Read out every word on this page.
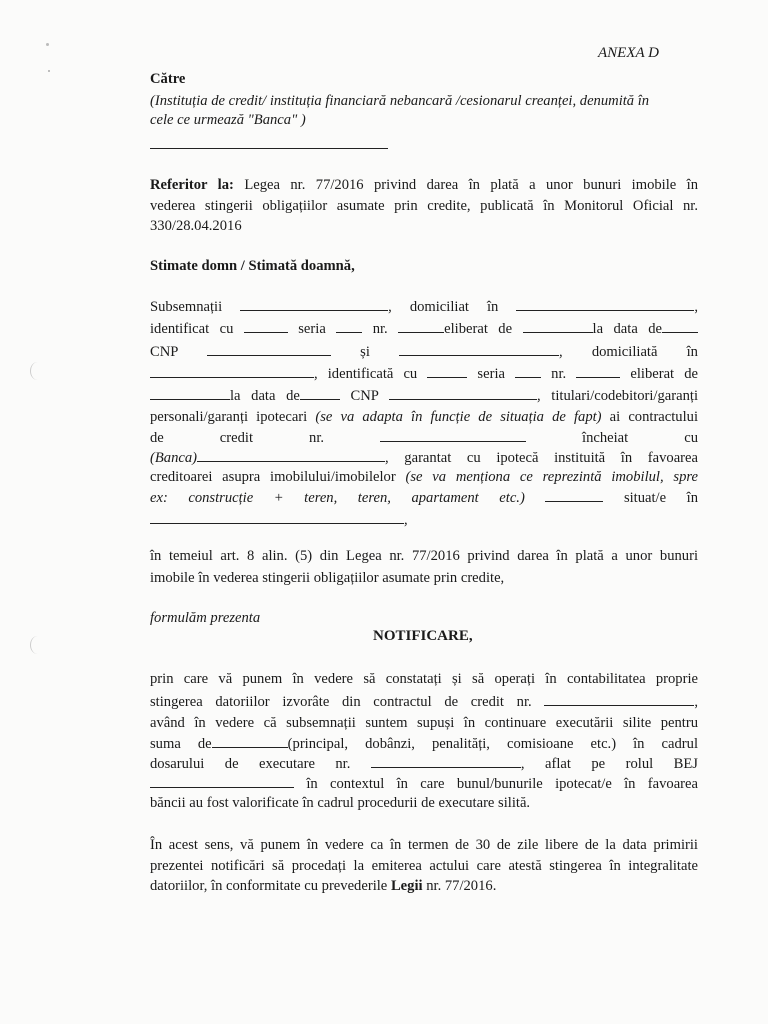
ANEXA D
Către
(Instituția de credit/ instituția financiară nebancară /cesionarul creanței, denumită în
cele ce urmează "Banca" )
Referitor la: Legea nr. 77/2016 privind darea în plată a unor bunuri imobile în
vederea stingerii obligațiilor asumate prin credite, publicată în Monitorul Oficial nr.
330/28.04.2016
Stimate domn / Stimată doamnă,
Subsemnații	, domiciliat în	,
identificat cu	seria	nr.	eliberat de	la data de
CNP	și	, domiciliată în
, identificată cu	seria	nr.	eliberat de
la data de	CNP	, titulari/codebitori/garanți
personali/garanți ipotecari (se va adapta în funcție de situația de fapt) ai contractului
de	credit	nr.	încheiat	cu
(Banca)	, garantat cu ipotecă instituită în favoarea
creditoarei asupra imobilului/imobilelor (se va menționa ce reprezintă imobilul, spre
ex: construcție + teren, teren, apartament etc.)	situat/e în
,
în temeiul art. 8 alin. (5) din Legea nr. 77/2016 privind darea în plată a unor bunuri
imobile în vederea stingerii obligațiilor asumate prin credite,
formulăm prezenta
NOTIFICARE,
prin care vă punem în vedere să constatați și să operați în contabilitatea proprie
stingerea datoriilor izvorâte din contractul de credit nr.	,
având în vedere că subsemnații suntem supuși în continuare executării silite pentru
suma de	(principal, dobânzi, penalități, comisioane etc.) în cadrul
dosarului de executare nr.	, aflat pe rolul BEJ
în contextul în care bunul/bunurile ipotecat/e în favoarea
băncii au fost valorificate în cadrul procedurii de executare silită.
În acest sens, vă punem în vedere ca în termen de 30 de zile libere de la data primirii
prezentei notificări să procedați la emiterea actului care atestă stingerea în integralitate
datoriilor, în conformitate cu prevederile Legii nr. 77/2016.
